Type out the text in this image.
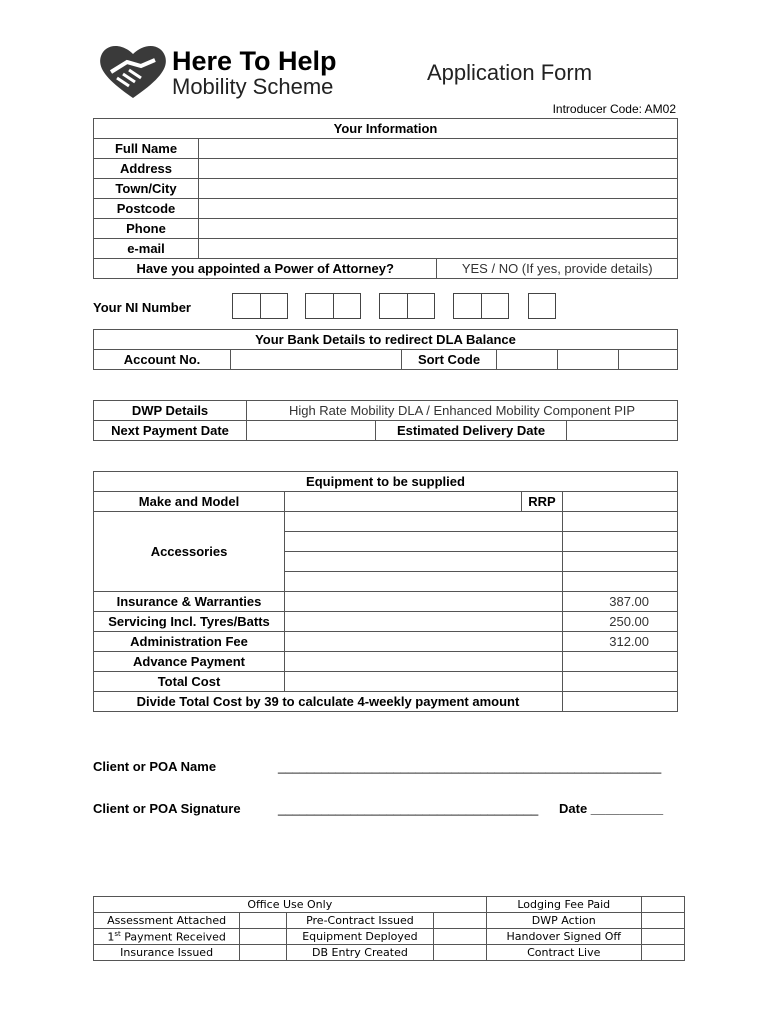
Here To Help
Mobility Scheme
Application Form
Introducer Code: AM02
Your Information		
Full Name		
Address		
Town/City		
Postcode		
Phone		
e-mail		
Have you appointed a Power of Attorney?		YES / NO (If yes, provide details)
Your NI Number
Your Bank Details to redirect DLA Balance
Account No.		Sort Code			
DWP Details	High Rate Mobility DLA / Enhanced Mobility Component PIP		
Next Payment Date		Estimated Delivery Date	
Equipment to be supplied			
Make and Model		RRP	
Accessories			

Insurance & Warranties			387.00
Servicing Incl. Tyres/Batts			250.00
Administration Fee			312.00
Advance Payment			
Total Cost			
Divide Total Cost by 39 to calculate 4-weekly payment amount			
Client or POA Name	_____________________________________________________
Client or POA Signature	____________________________________ Date __________
Office Use Only				Lodging Fee Paid	
Assessment Attached		Pre-Contract Issued		DWP Action	
1st Payment Received		Equipment Deployed		Handover Signed Off	
Insurance Issued		DB Entry Created		Contract Live	
